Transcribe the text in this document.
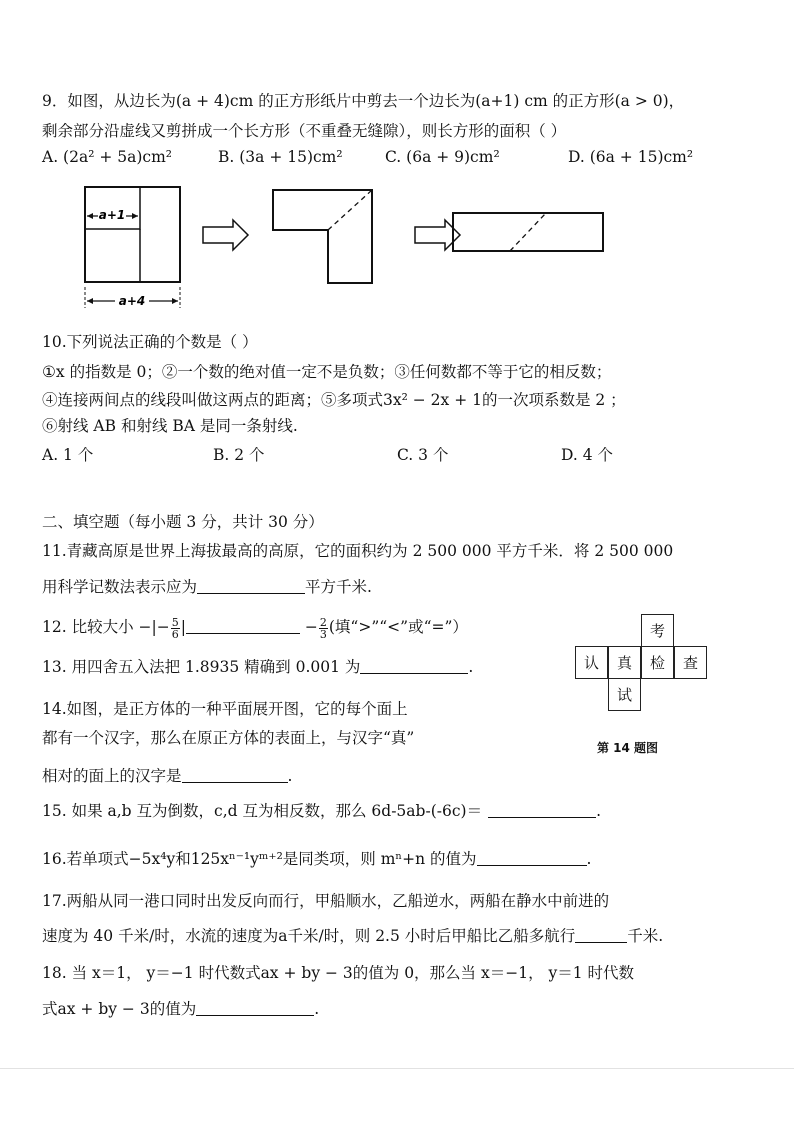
9．如图，从边长为(a + 4)cm 的正方形纸片中剪去一个边长为(a+1) cm 的正方形(a > 0)，
剩余部分沿虚线又剪拼成一个长方形（不重叠无缝隙），则长方形的面积（ ）
A. (2a² + 5a)cm²	B. (3a + 15)cm²	C. (6a + 9)cm²	D. (6a + 15)cm²
a+1
a+4
10.下列说法正确的个数是（ ）
①x 的指数是 0；②一个数的绝对值一定不是负数；③任何数都不等于它的相反数；
④连接两间点的线段叫做这两点的距离；⑤多项式3x² − 2x + 1的一次项系数是 2 ；
⑥射线 AB 和射线 BA 是同一条射线.
A. 1 个	B. 2 个	C. 3 个	D. 4 个
二、填空题（每小题 3 分，共计 30 分）
11.青藏高原是世界上海拔最高的高原，它的面积约为 2 500 000 平方千米．将 2 500 000
用科学记数法表示应为	平方千米.
12. 比较大小 −|− $\frac{5}{6}$ |	− $\frac{2}{3}$ (填“>”“<”或“=”）
13. 用四舍五入法把 1.8935 精确到 0.001 为	.
14.如图，是正方体的一种平面展开图，它的每个面上
都有一个汉字，那么在原正方体的表面上，与汉字“真”
相对的面上的汉字是	.
考
认	真	检	查
试
第 14 题图
15. 如果 a,b 互为倒数，c,d 互为相反数，那么 6d-5ab-(-6c)＝	.
16.若单项式−5x⁴y和125xⁿ⁻¹yᵐ⁺²是同类项，则 mⁿ+n 的值为	.
17.两船从同一港口同时出发反向而行，甲船顺水，乙船逆水，两船在静水中前进的
速度为 40 千米/时，水流的速度为a千米/时，则 2.5 小时后甲船比乙船多航行	千米.
18. 当 x＝1， y＝−1 时代数式ax + by − 3的值为 0，那么当 x＝−1， y＝1 时代数
式ax + by − 3的值为	.
